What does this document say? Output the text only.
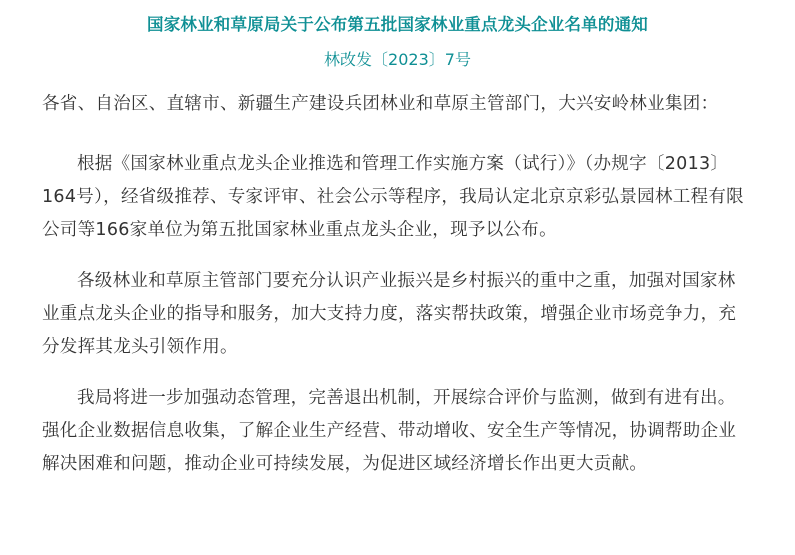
国家林业和草原局关于公布第五批国家林业重点龙头企业名单的通知

林改发〔2023〕7号

各省、自治区、直辖市、新疆生产建设兵团林业和草原主管部门，大兴安岭林业集团：

根据《国家林业重点龙头企业推选和管理工作实施方案（试行）》（办规字〔2013〕164号），经省级推荐、专家评审、社会公示等程序，我局认定北京京彩弘景园林工程有限公司等166家单位为第五批国家林业重点龙头企业，现予以公布。

各级林业和草原主管部门要充分认识产业振兴是乡村振兴的重中之重，加强对国家林业重点龙头企业的指导和服务，加大支持力度，落实帮扶政策，增强企业市场竞争力，充分发挥其龙头引领作用。

我局将进一步加强动态管理，完善退出机制，开展综合评价与监测，做到有进有出。强化企业数据信息收集，了解企业生产经营、带动增收、安全生产等情况，协调帮助企业解决困难和问题，推动企业可持续发展，为促进区域经济增长作出更大贡献。
